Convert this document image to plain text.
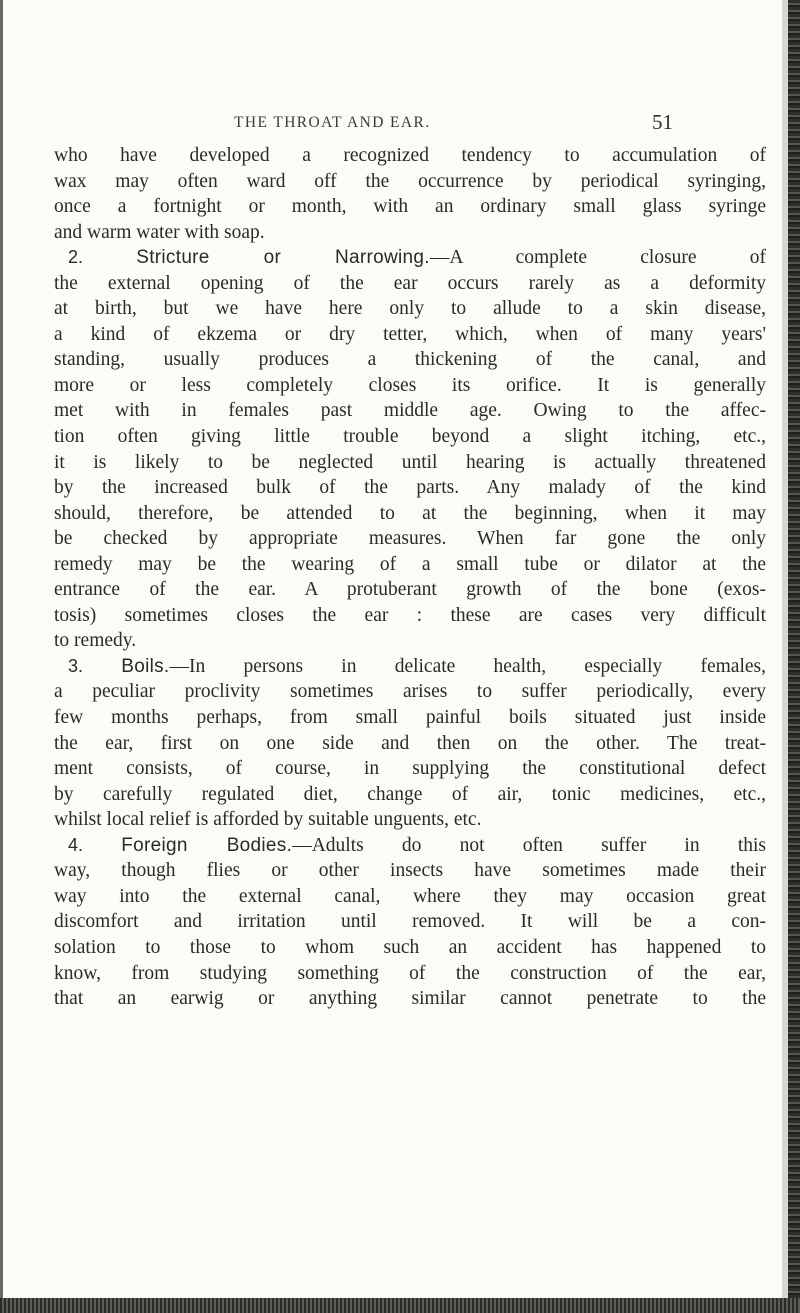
THE THROAT AND EAR.	51
who have developed a recognized tendency to accumulation of
wax may often ward off the occurrence by periodical syringing,
once a fortnight or month, with an ordinary small glass syringe
and warm water with soap.
2.	Stricture or Narrowing.—A complete closure of
the external opening of the ear occurs rarely as a deformity
at birth, but we have here only to allude to a skin disease,
a kind of ekzema or dry tetter, which, when of many years'
standing, usually produces a thickening of the canal, and
more or less completely closes its orifice. It is generally
met with in females past middle age. Owing to the affec-
tion often giving little trouble beyond a slight itching, etc.,
it is likely to be neglected until hearing is actually threatened
by the increased bulk of the parts. Any malady of the kind
should, therefore, be attended to at the beginning, when it may
be checked by appropriate measures. When far gone the only
remedy may be the wearing of a small tube or dilator at the
entrance of the ear. A protuberant growth of the bone (exos-
tosis) sometimes closes the ear : these are cases very difficult
to remedy.
3. Boils.—In persons in delicate health, especially females,
a peculiar proclivity sometimes arises to suffer periodically, every
few months perhaps, from small painful boils situated just inside
the ear, first on one side and then on the other. The treat-
ment consists, of course, in supplying the constitutional defect
by carefully regulated diet, change of air, tonic medicines, etc.,
whilst local relief is afforded by suitable unguents, etc.
4. Foreign Bodies.—Adults do not often suffer in this
way, though flies or other insects have sometimes made their
way into the external canal, where they may occasion great
discomfort and irritation until removed. It will be a con-
solation to those to whom such an accident has happened to
know, from studying something of the construction of the ear,
that an earwig or anything similar cannot penetrate to the
